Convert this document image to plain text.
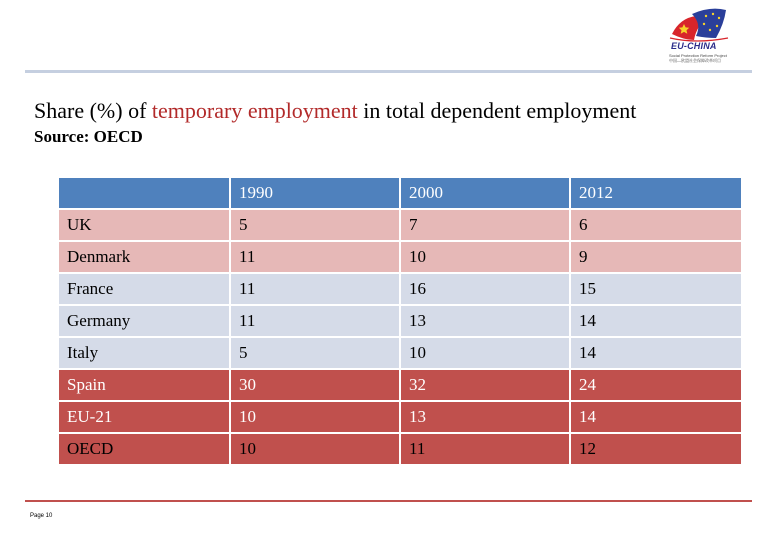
EU-CHINA
Social Protection Reform Project
中国—欧盟社会保障改革项目
Share (%) of temporary employment in total dependent employment
Source: OECD
	1990	2000	2012
UK	5	7	6
Denmark	11	10	9
France	11	16	15
Germany	11	13	14
Italy	5	10	14
Spain	30	32	24
EU-21	10	13	14
OECD	10	11	12
Page 10
